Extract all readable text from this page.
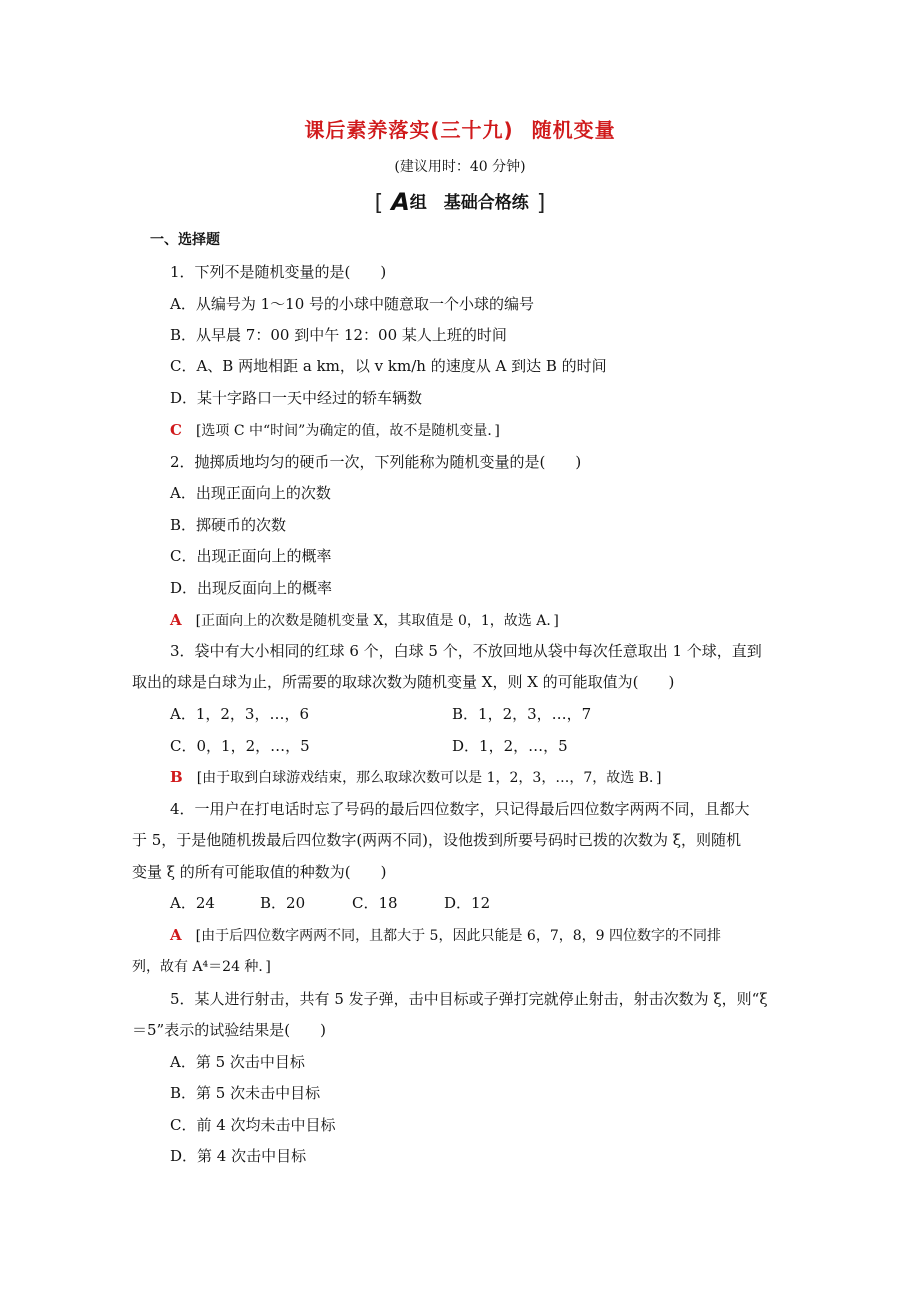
课后素养落实(三十九) 随机变量
(建议用时：40 分钟)
[ A组　基础合格练 ]
一、选择题
1．下列不是随机变量的是(　　)
A．从编号为 1～10 号的小球中随意取一个小球的编号
B．从早晨 7：00 到中午 12：00 某人上班的时间
C．A、B 两地相距 a km，以 v km/h 的速度从 A 到达 B 的时间
D．某十字路口一天中经过的轿车辆数
C [选项 C 中“时间”为确定的值，故不是随机变量．]
2．抛掷质地均匀的硬币一次，下列能称为随机变量的是(　　)
A．出现正面向上的次数
B．掷硬币的次数
C．出现正面向上的概率
D．出现反面向上的概率
A [正面向上的次数是随机变量 X，其取值是 0，1，故选 A．]
3．袋中有大小相同的红球 6 个，白球 5 个，不放回地从袋中每次任意取出 1 个球，直到
取出的球是白球为止，所需要的取球次数为随机变量 X，则 X 的可能取值为(　　)
A．1，2，3，…，6	B．1，2，3，…，7
C．0，1，2，…，5	D．1，2，…，5
B [由于取到白球游戏结束，那么取球次数可以是 1，2，3，…，7，故选 B．]
4．一用户在打电话时忘了号码的最后四位数字，只记得最后四位数字两两不同，且都大
于 5，于是他随机拨最后四位数字(两两不同)，设他拨到所要号码时已拨的次数为 ξ，则随机
变量 ξ 的所有可能取值的种数为(　　)
A．24	B．20	C．18	D．12
A [由于后四位数字两两不同，且都大于 5，因此只能是 6，7，8，9 四位数字的不同排
列，故有 A⁴＝24 种．]
5．某人进行射击，共有 5 发子弹，击中目标或子弹打完就停止射击，射击次数为 ξ，则“ξ
＝5”表示的试验结果是(　　)
A．第 5 次击中目标
B．第 5 次未击中目标
C．前 4 次均未击中目标
D．第 4 次击中目标
